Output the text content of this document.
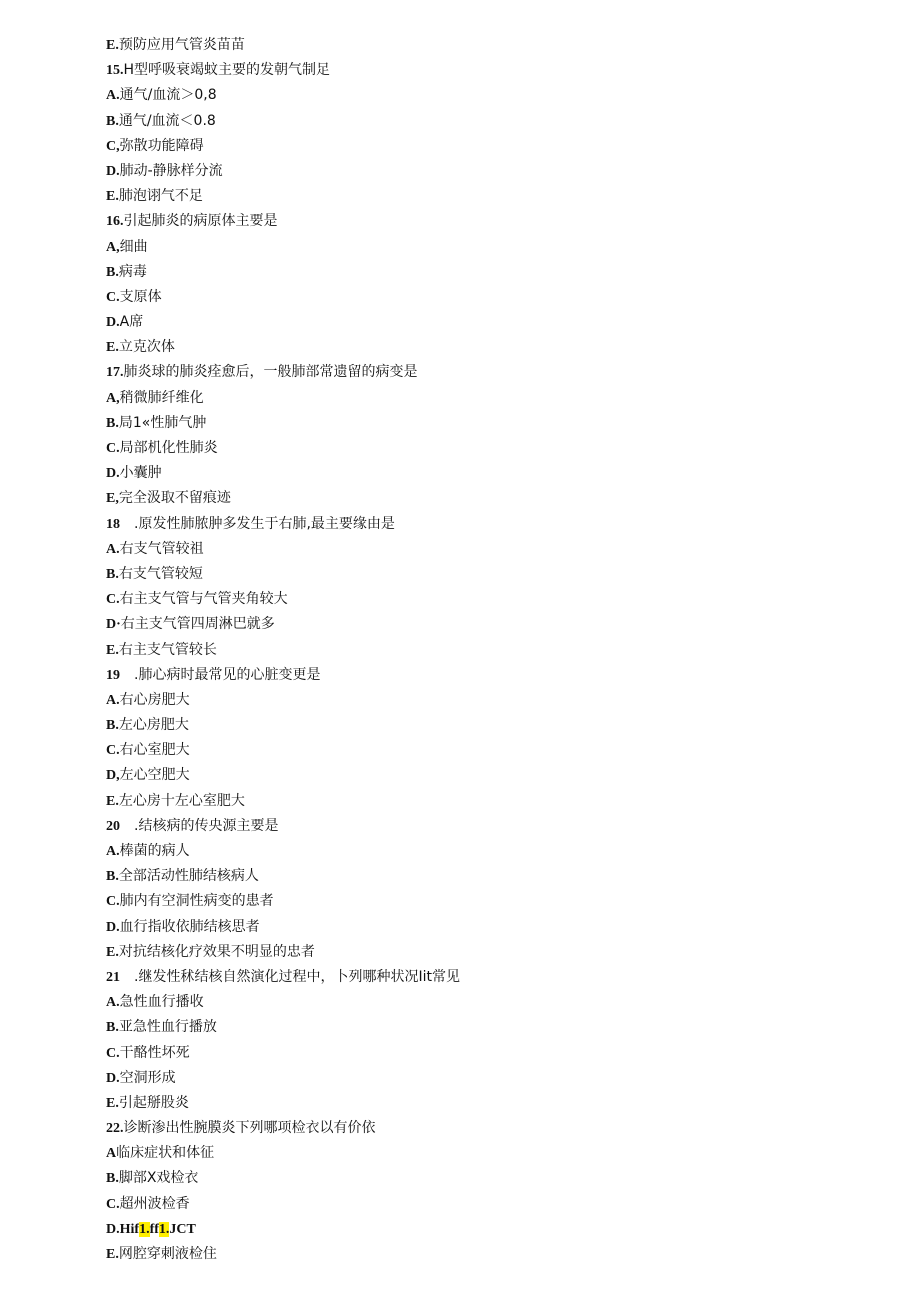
E.预防应用气管炎苗苗
15.H型呼吸衰竭蚊主要的发朝气制足
A.通气/血流＞0,8
B.通气/血流＜0.8
C,弥散功能障碍
D.肺动-静脉样分流
E.肺泡诩气不足
16.引起肺炎的病原体主要是
A,细曲
B.病毒
C.支原体
D.A席
E.立克次体
17.肺炎球的肺炎痊愈后，一般肺部常遗留的病变是
A,稍微肺纤维化
B.局1«性肺气肿
C.局部机化性肺炎
D.小囊肿
E,完全汲取不留痕迹
18 .原发性肺脓肿多发生于右肺,最主要缘由是
A.右支气管较祖
B.右支气管较短
C.右主支气管与气管夹角较大
D·右主支气管四周淋巴就多
E.右主支气管较长
19 .肺心病时最常见的心脏变更是
A.右心房肥大
B.左心房肥大
C.右心室肥大
D,左心空肥大
E.左心房十左心室肥大
20 .结核病的传央源主要是
A.棒菌的病人
B.全部活动性肺结核病人
C.肺内有空洞性病变的患者
D.血行指收依肺结核思者
E.对抗结核化疗效果不明显的忠者
21 .继发性秫结核自然演化过程中，卜列哪种状况Iit常见
A.急性血行播收
B.亚急性血行播放
C.干酪性坏死
D.空洞形成
E.引起掰股炎
22.诊断渗出性腕膜炎下列哪项检衣以有价依
A临床症状和体征
B.脚部X戏检衣
C.超州波检香
D.Hif1.ff1.JCT
E.网腔穿刺液检住
